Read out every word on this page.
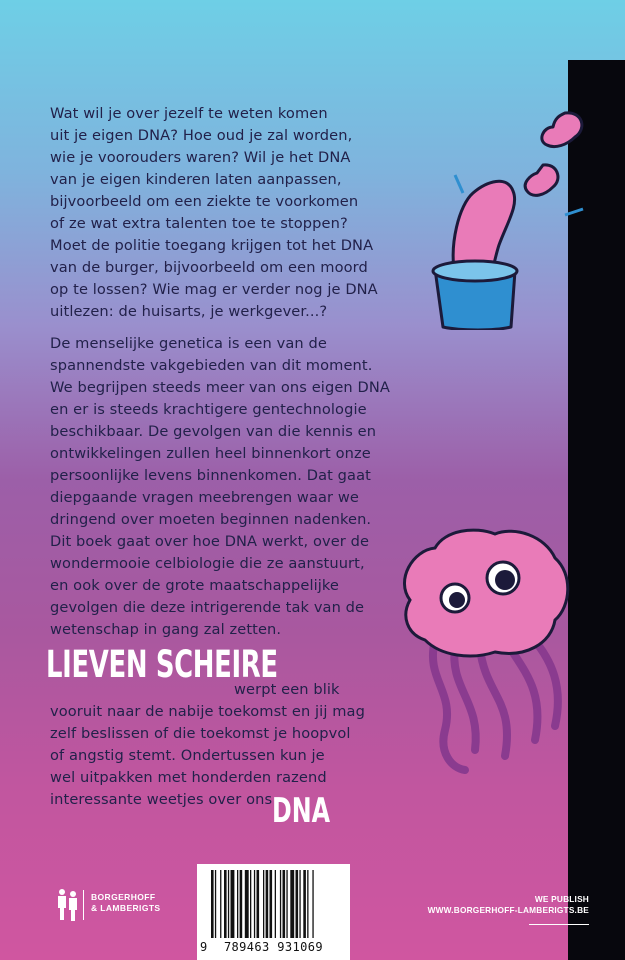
Wat wil je over jezelf te weten komen
uit je eigen DNA? Hoe oud je zal worden,
wie je voorouders waren? Wil je het DNA
van je eigen kinderen laten aanpassen,
bijvoorbeeld om een ziekte te voorkomen
of ze wat extra talenten toe te stoppen?
Moet de politie toegang krijgen tot het DNA
van de burger, bijvoorbeeld om een moord
op te lossen? Wie mag er verder nog je DNA
uitlezen: de huisarts, je werkgever...?

De menselijke genetica is een van de
spannendste vakgebieden van dit moment.
We begrijpen steeds meer van ons eigen DNA
en er is steeds krachtigere gentechnologie
beschikbaar. De gevolgen van die kennis en
ontwikkelingen zullen heel binnenkort onze
persoonlijke levens binnenkomen. Dat gaat
diepgaande vragen meebrengen waar we
dringend over moeten beginnen nadenken.
Dit boek gaat over hoe DNA werkt, over de
wondermooie celbiologie die ze aanstuurt,
en ook over de grote maatschappelijke
gevolgen die deze intrigerende tak van de
wetenschap in gang zal zetten.

LIEVEN SCHEIRE

werpt een blik
vooruit naar de nabije toekomst en jij mag
zelf beslissen of die toekomst je hoopvol
of angstig stemt. Ondertussen kun je
wel uitpakken met honderden razend
interessante weetjes over ons DNA
BORGERHOFF
& LAMBERIGTS
9	789463 931069
WE PUBLISH
WWW.BORGERHOFF-LAMBERIGTS.BE
